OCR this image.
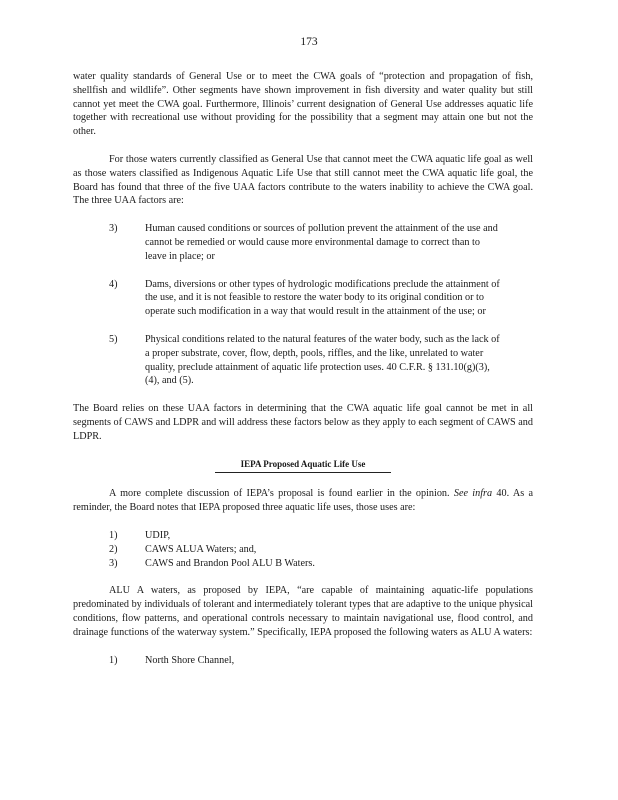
173

water quality standards of General Use or to meet the CWA goals of “protection and propagation of fish, shellfish and wildlife”. Other segments have shown improvement in fish diversity and water quality but still cannot yet meet the CWA goal. Furthermore, Illinois’ current designation of General Use addresses aquatic life together with recreational use without providing for the possibility that a segment may attain one but not the other.

For those waters currently classified as General Use that cannot meet the CWA aquatic life goal as well as those waters classified as Indigenous Aquatic Life Use that still cannot meet the CWA aquatic life goal, the Board has found that three of the five UAA factors contribute to the waters inability to achieve the CWA goal. The three UAA factors are:

3)	Human caused conditions or sources of pollution prevent the attainment of the use and cannot be remedied or would cause more environmental damage to correct than to leave in place; or
4)	Dams, diversions or other types of hydrologic modifications preclude the attainment of the use, and it is not feasible to restore the water body to its original condition or to operate such modification in a way that would result in the attainment of the use; or
5)	Physical conditions related to the natural features of the water body, such as the lack of a proper substrate, cover, flow, depth, pools, riffles, and the like, unrelated to water quality, preclude attainment of aquatic life protection uses. 40 C.F.R. § 131.10(g)(3), (4), and (5).

The Board relies on these UAA factors in determining that the CWA aquatic life goal cannot be met in all segments of CAWS and LDPR and will address these factors below as they apply to each segment of CAWS and LDPR.

IEPA Proposed Aquatic Life Use

A more complete discussion of IEPA’s proposal is found earlier in the opinion. See infra 40. As a reminder, the Board notes that IEPA proposed three aquatic life uses, those uses are:

1)	UDIP,
2)	CAWS ALUA Waters; and,
3)	CAWS and Brandon Pool ALU B Waters.

ALU A waters, as proposed by IEPA, “are capable of maintaining aquatic-life populations predominated by individuals of tolerant and intermediately tolerant types that are adaptive to the unique physical conditions, flow patterns, and operational controls necessary to maintain navigational use, flood control, and drainage functions of the waterway system.” Specifically, IEPA proposed the following waters as ALU A waters:

1)	North Shore Channel,
